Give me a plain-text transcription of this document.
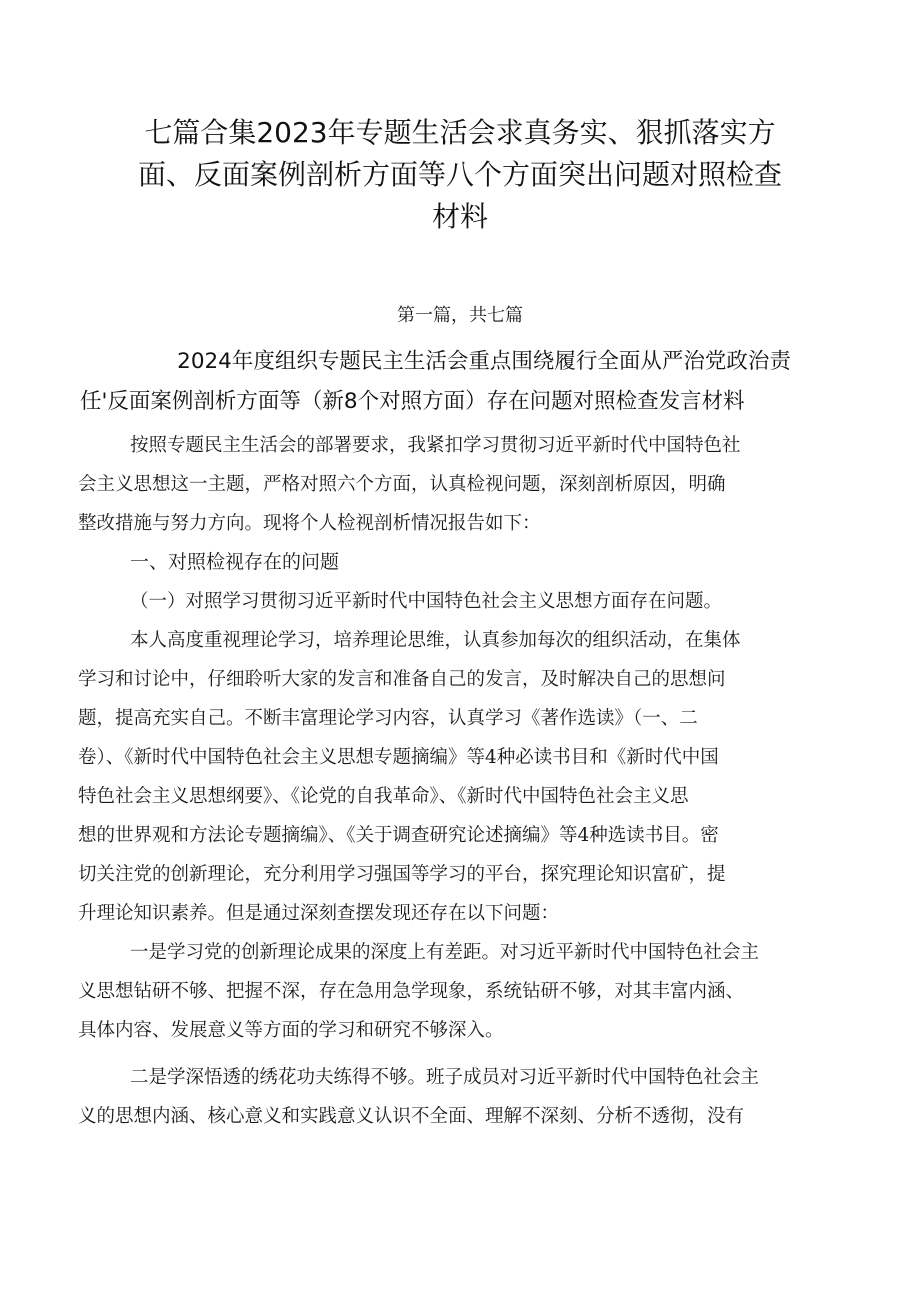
七篇合集2023年专题生活会求真务实、狠抓落实方
面、反面案例剖析方面等八个方面突出问题对照检查
材料
第一篇，共七篇
2024年度组织专题民主生活会重点围绕履行全面从严治党政治责
任'反面案例剖析方面等（新8个对照方面）存在问题对照检查发言材料
按照专题民主生活会的部署要求，我紧扣学习贯彻习近平新时代中国特色社
会主义思想这一主题，严格对照六个方面，认真检视问题，深刻剖析原因，明确
整改措施与努力方向。现将个人检视剖析情况报告如下：
一、对照检视存在的问题
（一）对照学习贯彻习近平新时代中国特色社会主义思想方面存在问题。
本人高度重视理论学习，培养理论思维，认真参加每次的组织活动，在集体
学习和讨论中，仔细聆听大家的发言和准备自己的发言，及时解决自己的思想问
题，提高充实自己。不断丰富理论学习内容，认真学习《著作选读》（一、二
卷）、《新时代中国特色社会主义思想专题摘编》等4种必读书目和《新时代中国
特色社会主义思想纲要》、《论党的自我革命》、《新时代中国特色社会主义思
想的世界观和方法论专题摘编》、《关于调查研究论述摘编》等4种选读书目。密
切关注党的创新理论，充分利用学习强国等学习的平台，探究理论知识富矿，提
升理论知识素养。但是通过深刻查摆发现还存在以下问题：
一是学习党的创新理论成果的深度上有差距。对习近平新时代中国特色社会主
义思想钻研不够、把握不深，存在急用急学现象，系统钻研不够，对其丰富内涵、
具体内容、发展意义等方面的学习和研究不够深入。
二是学深悟透的绣花功夫练得不够。班子成员对习近平新时代中国特色社会主
义的思想内涵、核心意义和实践意义认识不全面、理解不深刻、分析不透彻，没有
